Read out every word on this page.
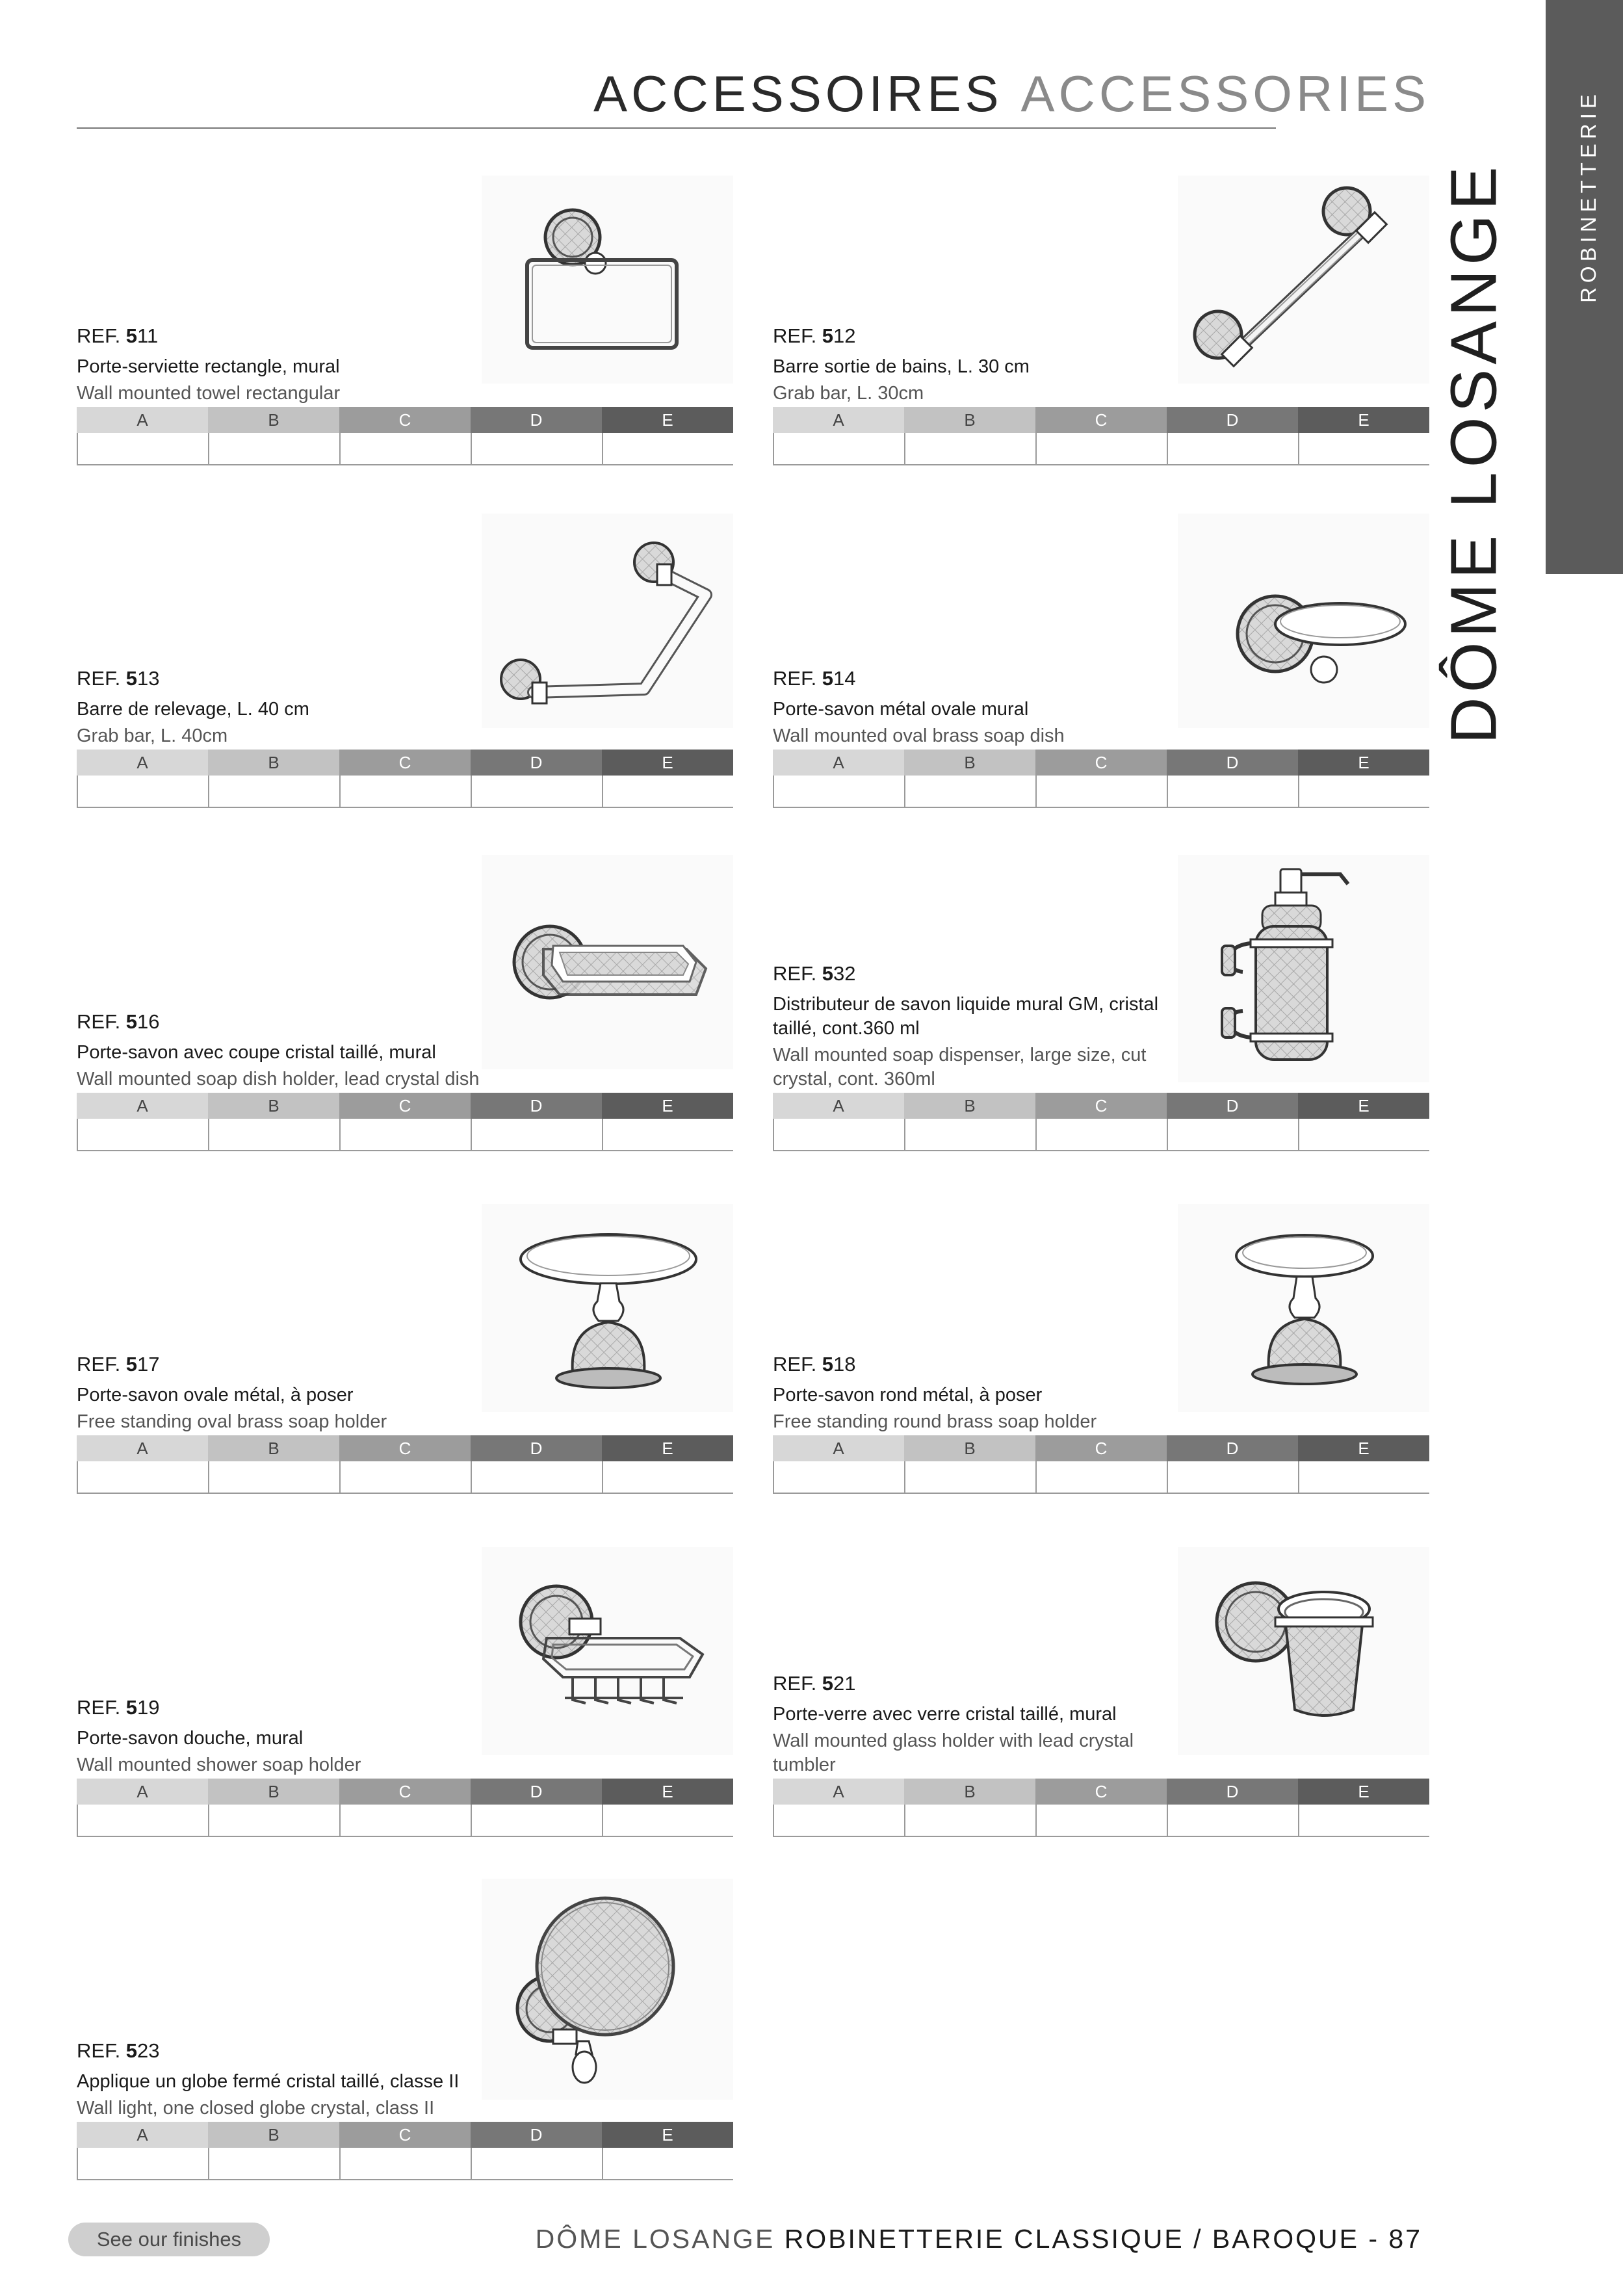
ACCESSOIRES ACCESSORIES	ROBINETTERIE
DÔME LOSANGE
REF. 511
Porte-serviette rectangle, mural
Wall mounted towel rectangular
A	B	C	D	E
REF. 512
Barre sortie de bains, L. 30 cm
Grab bar, L. 30cm
A	B	C	D	E
REF. 513
Barre de relevage, L. 40 cm
Grab bar, L. 40cm
A	B	C	D	E
REF. 514
Porte-savon métal ovale mural
Wall mounted oval brass soap dish
A	B	C	D	E
REF. 516
Porte-savon avec coupe cristal taillé, mural
Wall mounted soap dish holder, lead crystal dish
A	B	C	D	E
REF. 532
Distributeur de savon liquide mural GM, cristal taillé, cont.360 ml
Wall mounted soap dispenser, large size, cut crystal, cont. 360ml
A	B	C	D	E
REF. 517
Porte-savon ovale métal, à poser
Free standing oval brass soap holder
A	B	C	D	E
REF. 518
Porte-savon rond métal, à poser
Free standing round brass soap holder
A	B	C	D	E
REF. 519
Porte-savon douche, mural
Wall mounted shower soap holder
A	B	C	D	E
REF. 521
Porte-verre avec verre cristal taillé, mural
Wall mounted glass holder with lead crystal tumbler
A	B	C	D	E
REF. 523
Applique un globe fermé cristal taillé, classe II
Wall light, one closed globe crystal, class II
A	B	C	D	E
See our finishes	DÔME LOSANGE ROBINETTERIE CLASSIQUE / BAROQUE - 87
